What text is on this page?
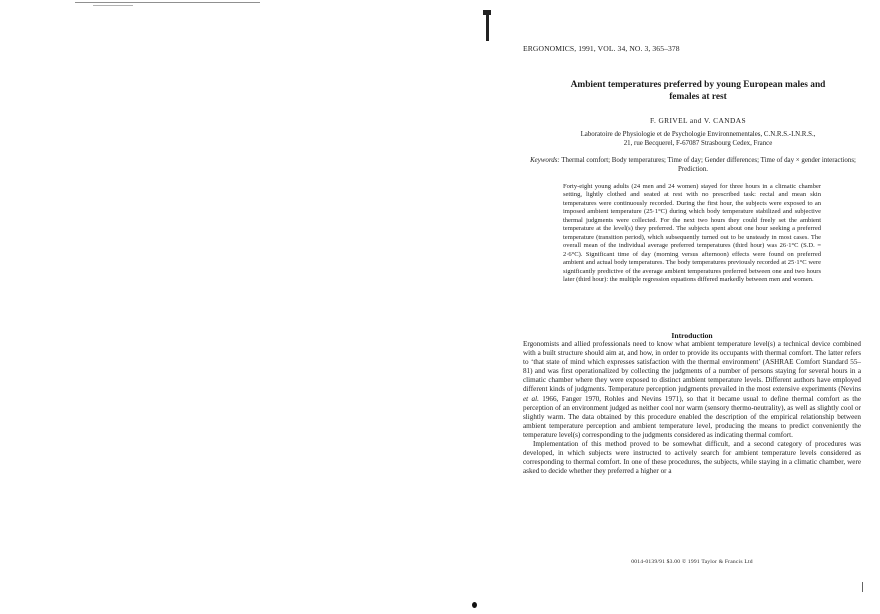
ERGONOMICS, 1991, VOL. 34, NO. 3, 365–378
Ambient temperatures preferred by young European males and females at rest
F. GRIVEL and V. CANDAS
Laboratoire de Physiologie et de Psychologie Environnementales, C.N.R.S.-I.N.R.S.,
21, rue Becquerel, F-67087 Strasbourg Cedex, France
Keywords: Thermal comfort; Body temperatures; Time of day; Gender differences; Time of day × gender interactions; Prediction.
Forty-eight young adults (24 men and 24 women) stayed for three hours in a climatic chamber setting, lightly clothed and seated at rest with no prescribed task: rectal and mean skin temperatures were continuously recorded. During the first hour, the subjects were exposed to an imposed ambient temperature (25·1°C) during which body temperature stabilized and subjective thermal judgments were collected. For the next two hours they could freely set the ambient temperature at the level(s) they preferred. The subjects spent about one hour seeking a preferred temperature (transition period), which subsequently turned out to be unsteady in most cases. The overall mean of the individual average preferred temperatures (third hour) was 26·1°C (S.D. = 2·6°C). Significant time of day (morning versus afternoon) effects were found on preferred ambient and actual body temperatures. The body temperatures previously recorded at 25·1°C were significantly predictive of the average ambient temperatures preferred between one and two hours later (third hour): the multiple regression equations differed markedly between men and women.
Introduction

Ergonomists and allied professionals need to know what ambient temperature level(s) a technical device combined with a built structure should aim at, and how, in order to provide its occupants with thermal comfort. The latter refers to ‘that state of mind which expresses satisfaction with the thermal environment’ (ASHRAE Comfort Standard 55–81) and was first operationalized by collecting the judgments of a number of persons staying for several hours in a climatic chamber where they were exposed to distinct ambient temperature levels. Different authors have employed different kinds of judgments. Temperature perception judgments prevailed in the most extensive experiments (Nevins et al. 1966, Fanger 1970, Rohles and Nevins 1971), so that it became usual to define thermal comfort as the perception of an environment judged as neither cool nor warm (sensory thermo-neutrality), as well as slightly cool or slightly warm. The data obtained by this procedure enabled the description of the empirical relationship between ambient temperature perception and ambient temperature level, producing the means to predict conveniently the temperature level(s) corresponding to the judgments considered as indicating thermal comfort.

Implementation of this method proved to be somewhat difficult, and a second category of procedures was developed, in which subjects were instructed to actively search for ambient temperature levels considered as corresponding to thermal comfort. In one of these procedures, the subjects, while staying in a climatic chamber, were asked to decide whether they preferred a higher or a

0014-0139/91 $3.00 © 1991 Taylor & Francis Ltd
